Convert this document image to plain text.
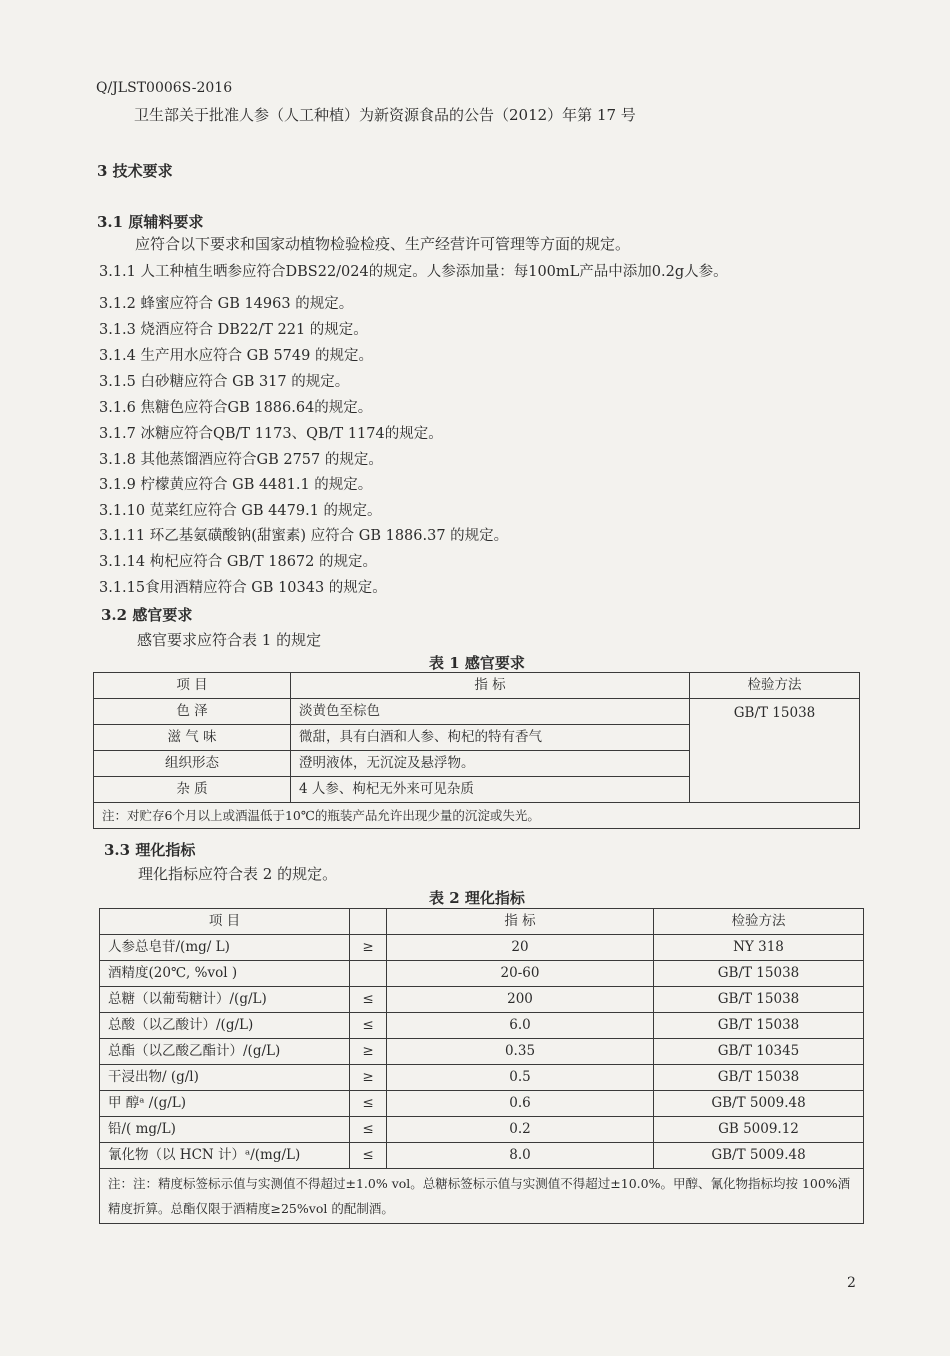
Q/JLST0006S-2016
卫生部关于批准人参（人工种植）为新资源食品的公告（2012）年第 17 号
3 技术要求
3.1 原辅料要求
应符合以下要求和国家动植物检验检疫、生产经营许可管理等方面的规定。
3.1.1 人工种植生晒参应符合DBS22/024的规定。人参添加量：每100mL产品中添加0.2g人参。
3.1.2 蜂蜜应符合 GB 14963 的规定。
3.1.3 烧酒应符合 DB22/T 221 的规定。
3.1.4 生产用水应符合 GB 5749 的规定。
3.1.5 白砂糖应符合 GB 317 的规定。
3.1.6 焦糖色应符合GB 1886.64的规定。
3.1.7 冰糖应符合QB/T 1173、QB/T 1174的规定。
3.1.8 其他蒸馏酒应符合GB 2757 的规定。
3.1.9 柠檬黄应符合 GB 4481.1 的规定。
3.1.10 苋菜红应符合 GB 4479.1 的规定。
3.1.11 环乙基氨磺酸钠(甜蜜素) 应符合 GB 1886.37 的规定。
3.1.14 枸杞应符合 GB/T 18672 的规定。
3.1.15食用酒精应符合 GB 10343 的规定。
3.2 感官要求
感官要求应符合表 1 的规定
表 1 感官要求
项 目	指 标	检验方法
色 泽	淡黄色至棕色	GB/T 15038
滋 气 味	微甜，具有白酒和人参、枸杞的特有香气	
组织形态	澄明液体，无沉淀及悬浮物。	
杂 质	4 人参、枸杞无外来可见杂质	
注：对贮存6个月以上或酒温低于10℃的瓶装产品允许出现少量的沉淀或失光。		
3.3 理化指标
理化指标应符合表 2 的规定。
表 2 理化指标
项 目		指 标	检验方法
人参总皂苷/(mg/ L)	≥	20	NY 318
酒精度(20℃, %vol )		20-60	GB/T 15038
总糖（以葡萄糖计）/(g/L)	≤	200	GB/T 15038
总酸（以乙酸计）/(g/L)	≤	6.0	GB/T 15038
总酯（以乙酸乙酯计）/(g/L)	≥	0.35	GB/T 10345
干浸出物/ (g/l)	≥	0.5	GB/T 15038
甲 醇ᵃ /(g/L)	≤	0.6	GB/T 5009.48
铅/( mg/L)	≤	0.2	GB 5009.12
氰化物（以 HCN 计）ᵃ/(mg/L)	≤	8.0	GB/T 5009.48
注：注：精度标签标示值与实测值不得超过±1.0% vol。总糖标签标示值与实测值不得超过±10.0%。甲醇、氰化物指标均按 100%酒精度折算。总酯仅限于酒精度≥25%vol 的配制酒。			
2
